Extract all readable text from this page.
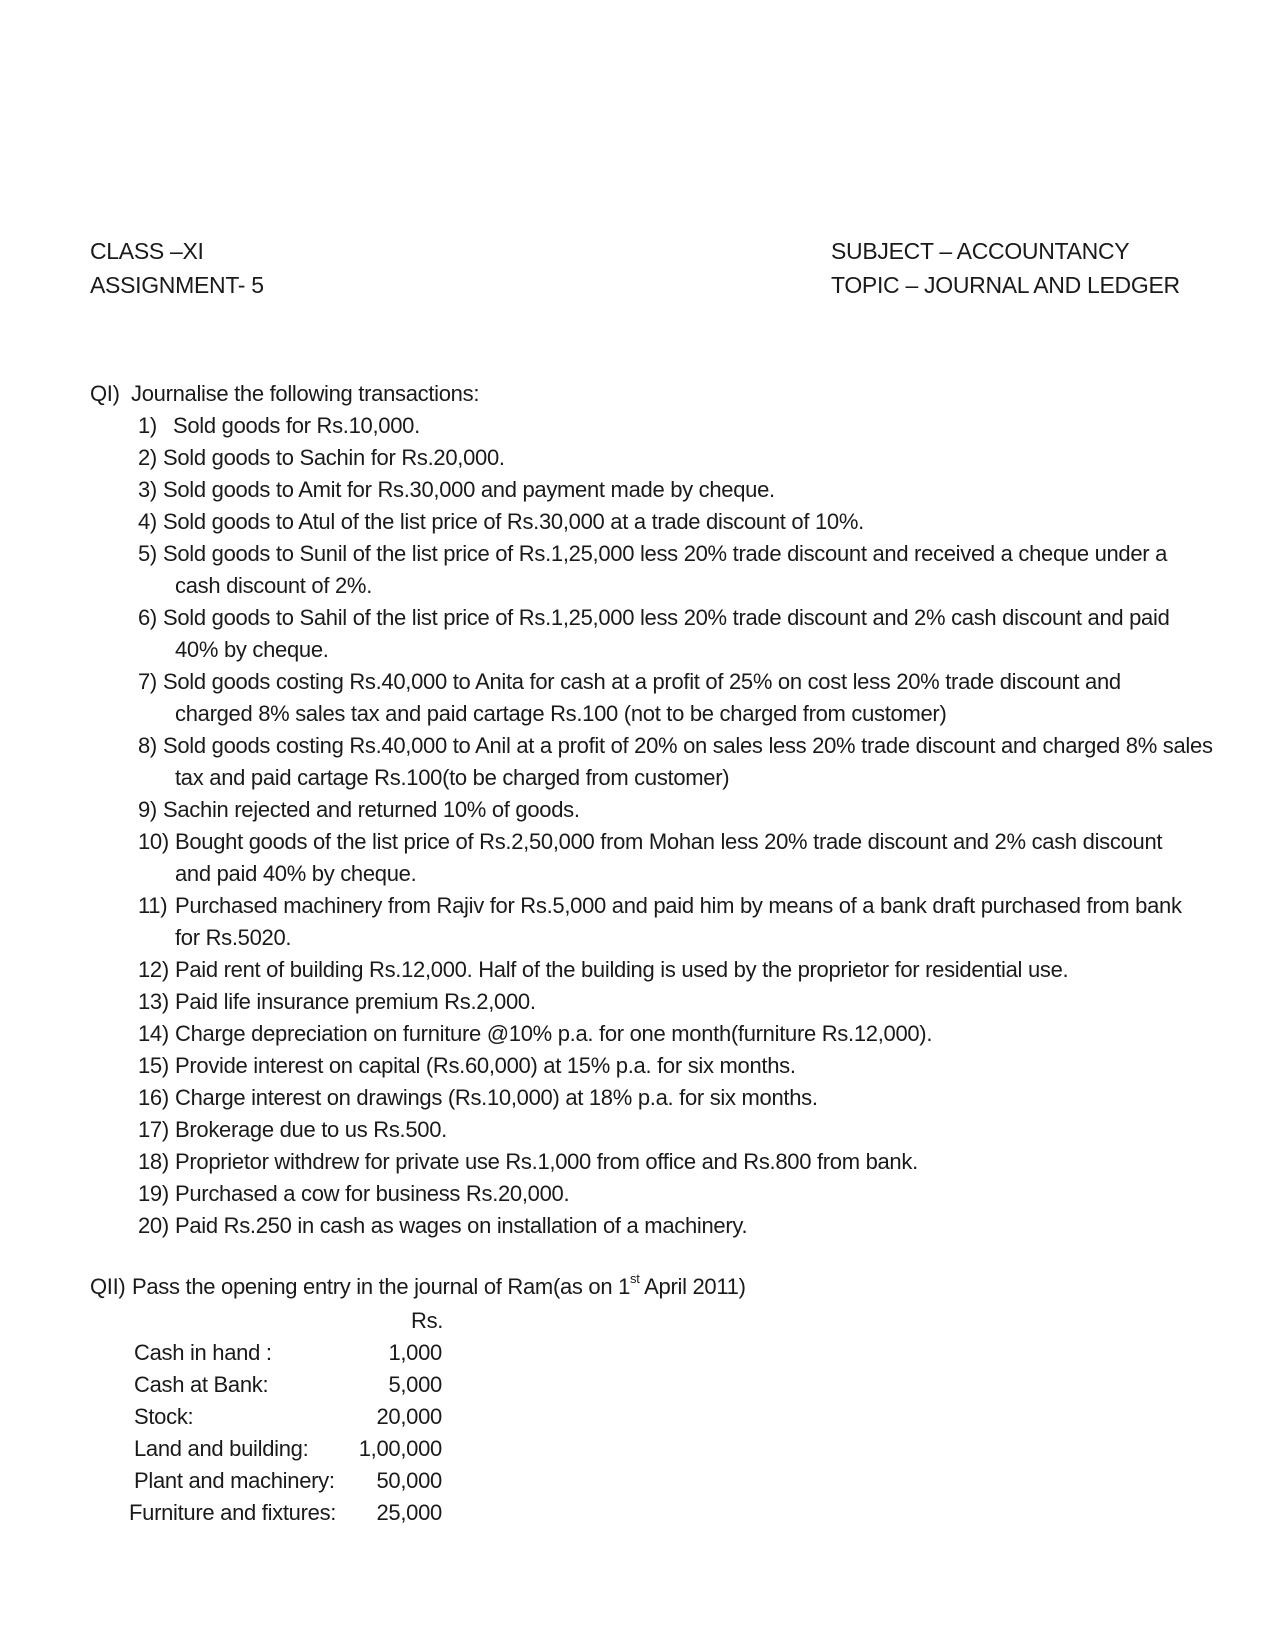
CLASS –XI
ASSIGNMENT- 5
SUBJECT – ACCOUNTANCY
TOPIC – JOURNAL AND LEDGER
QI) Journalise the following transactions:
1) Sold goods for Rs.10,000.
2) Sold goods to Sachin for Rs.20,000.
3) Sold goods to Amit for Rs.30,000 and payment made by cheque.
4) Sold goods to Atul of the list price of Rs.30,000 at a trade discount of 10%.
5) Sold goods to Sunil of the list price of Rs.1,25,000 less 20% trade discount and received a cheque under a
cash discount of 2%.
6) Sold goods to Sahil of the list price of Rs.1,25,000 less 20% trade discount and 2% cash discount and paid
40% by cheque.
7) Sold goods costing Rs.40,000 to Anita for cash at a profit of 25% on cost less 20% trade discount and
charged 8% sales tax and paid cartage Rs.100 (not to be charged from customer)
8) Sold goods costing Rs.40,000 to Anil at a profit of 20% on sales less 20% trade discount and charged 8% sales
tax and paid cartage Rs.100(to be charged from customer)
9) Sachin rejected and returned 10% of goods.
10) Bought goods of the list price of Rs.2,50,000 from Mohan less 20% trade discount and 2% cash discount
and paid 40% by cheque.
11) Purchased machinery from Rajiv for Rs.5,000 and paid him by means of a bank draft purchased from bank
for Rs.5020.
12) Paid rent of building Rs.12,000. Half of the building is used by the proprietor for residential use.
13) Paid life insurance premium Rs.2,000.
14) Charge depreciation on furniture @10% p.a. for one month(furniture Rs.12,000).
15) Provide interest on capital (Rs.60,000) at 15% p.a. for six months.
16) Charge interest on drawings (Rs.10,000) at 18% p.a. for six months.
17) Brokerage due to us Rs.500.
18) Proprietor withdrew for private use Rs.1,000 from office and Rs.800 from bank.
19) Purchased a cow for business Rs.20,000.
20) Paid Rs.250 in cash as wages on installation of a machinery.
QII) Pass the opening entry in the journal of Ram(as on 1st April 2011)
Rs.
Cash in hand :	1,000
Cash at Bank:	5,000
Stock:	20,000
Land and building:	1,00,000
Plant and machinery:	50,000
Furniture and fixtures:	25,000
